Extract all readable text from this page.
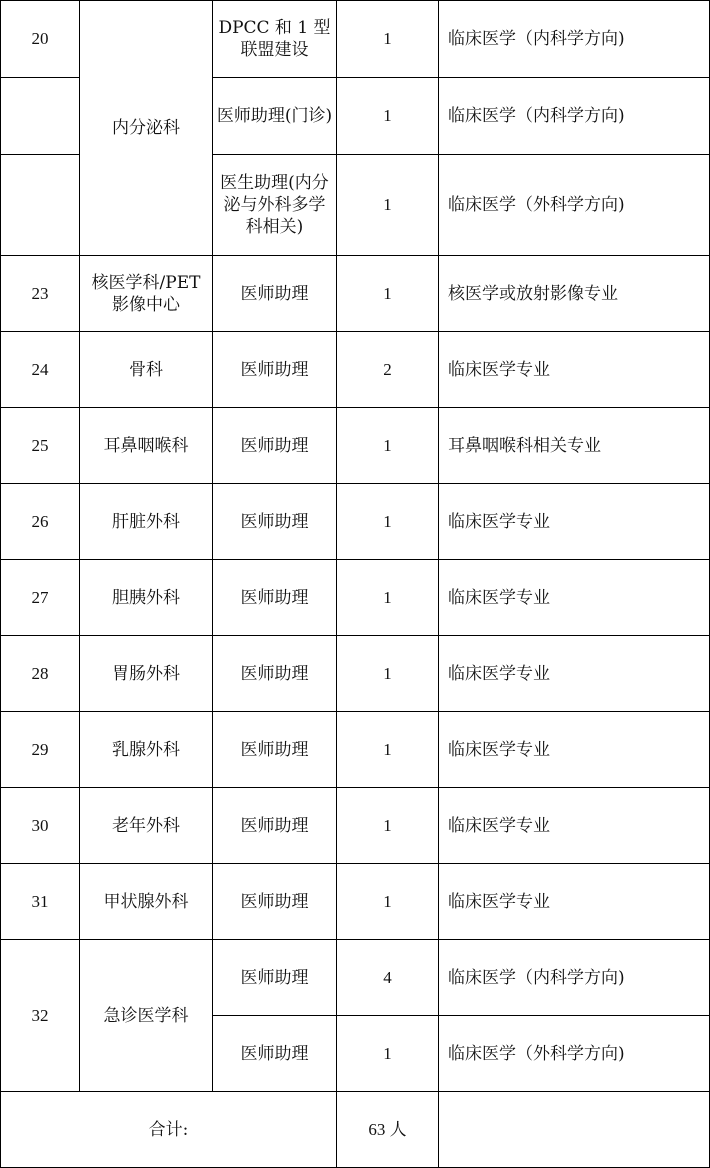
20	内分泌科	DPCC 和 1 型联盟建设	1	临床医学（内科学方向)
		医师助理(门诊)	1	临床医学（内科学方向)
		医生助理(内分泌与外科多学科相关)	1	临床医学（外科学方向)
23	核医学科/PET影像中心	医师助理	1	核医学或放射影像专业
24	骨科	医师助理	2	临床医学专业
25	耳鼻咽喉科	医师助理	1	耳鼻咽喉科相关专业
26	肝脏外科	医师助理	1	临床医学专业
27	胆胰外科	医师助理	1	临床医学专业
28	胃肠外科	医师助理	1	临床医学专业
29	乳腺外科	医师助理	1	临床医学专业
30	老年外科	医师助理	1	临床医学专业
31	甲状腺外科	医师助理	1	临床医学专业
32	急诊医学科	医师助理	4	临床医学（内科学方向)
		医师助理	1	临床医学（外科学方向)
合计:			63 人	
